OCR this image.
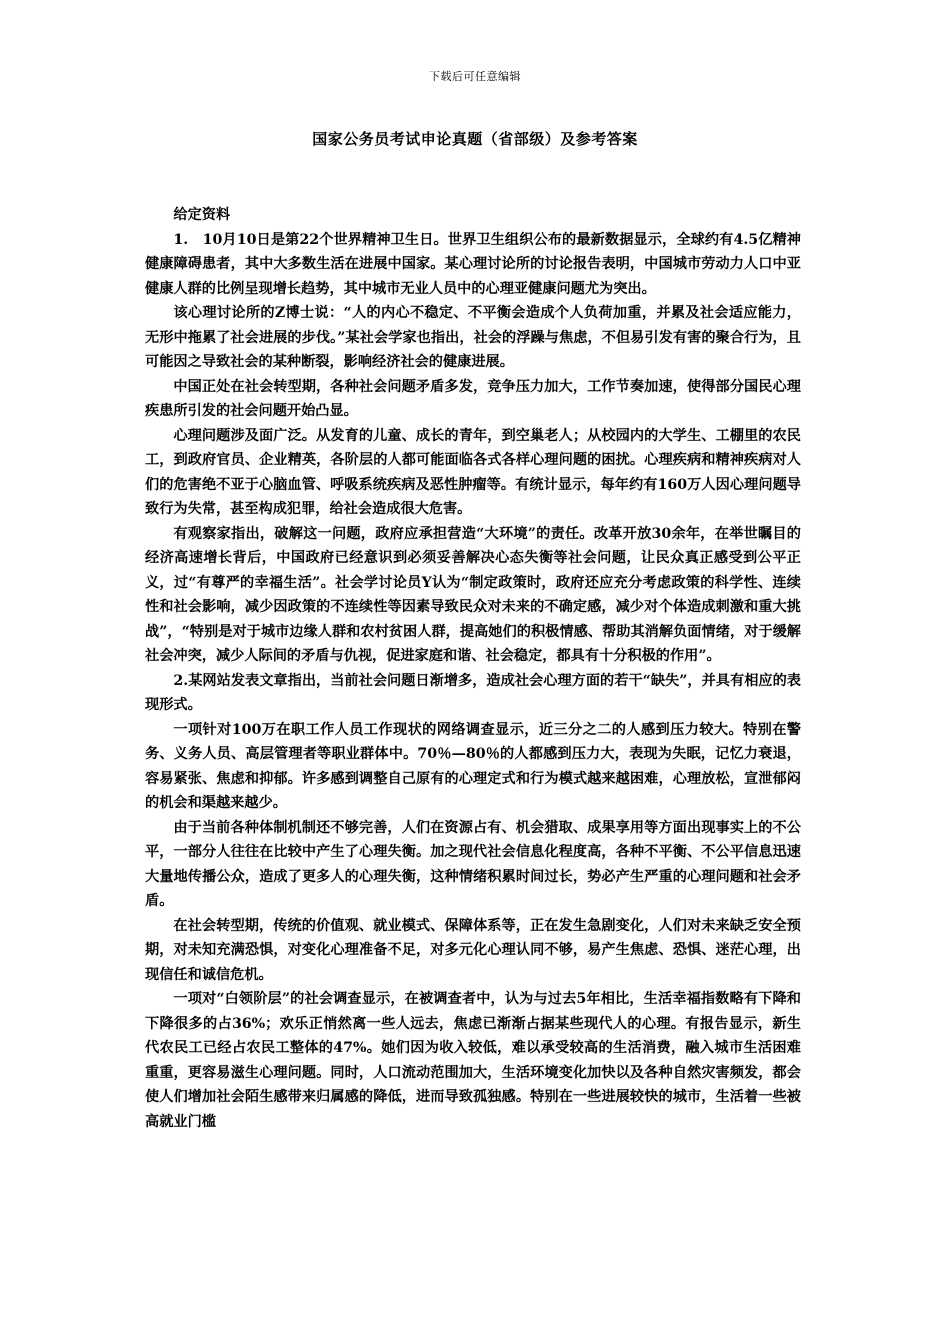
下载后可任意编辑
国家公务员考试申论真题（省部级）及参考答案

给定资料

1.　10月10日是第22个世界精神卫生日。世界卫生组织公布的最新数据显示，全球约有4.5亿精神健康障碍患者，其中大多数生活在进展中国家。某心理讨论所的讨论报告表明，中国城市劳动力人口中亚健康人群的比例呈现增长趋势，其中城市无业人员中的心理亚健康问题尤为突出。

该心理讨论所的Z博士说：“人的内心不稳定、不平衡会造成个人负荷加重，并累及社会适应能力，无形中拖累了社会进展的步伐。”某社会学家也指出，社会的浮躁与焦虑，不但易引发有害的聚合行为，且可能因之导致社会的某种断裂，影响经济社会的健康进展。

中国正处在社会转型期，各种社会问题矛盾多发，竞争压力加大，工作节奏加速，使得部分国民心理疾患所引发的社会问题开始凸显。

心理问题涉及面广泛。从发育的儿童、成长的青年，到空巢老人；从校园内的大学生、工棚里的农民工，到政府官员、企业精英，各阶层的人都可能面临各式各样心理问题的困扰。心理疾病和精神疾病对人们的危害绝不亚于心脑血管、呼吸系统疾病及恶性肿瘤等。有统计显示，每年约有160万人因心理问题导致行为失常，甚至构成犯罪，给社会造成很大危害。

有观察家指出，破解这一问题，政府应承担营造“大环境”的责任。改革开放30余年，在举世瞩目的经济高速增长背后，中国政府已经意识到必须妥善解决心态失衡等社会问题，让民众真正感受到公平正义，过“有尊严的幸福生活”。社会学讨论员Y认为“制定政策时，政府还应充分考虑政策的科学性、连续性和社会影响，减少因政策的不连续性等因素导致民众对未来的不确定感，减少对个体造成刺激和重大挑战”，“特别是对于城市边缘人群和农村贫困人群，提高她们的积极情感、帮助其消解负面情绪，对于缓解社会冲突，减少人际间的矛盾与仇视，促进家庭和谐、社会稳定，都具有十分积极的作用”。

2.某网站发表文章指出，当前社会问题日渐增多，造成社会心理方面的若干“缺失”，并具有相应的表现形式。

一项针对100万在职工作人员工作现状的网络调查显示，近三分之二的人感到压力较大。特别在警务、义务人员、高层管理者等职业群体中。70％—80％的人都感到压力大，表现为失眠，记忆力衰退，容易紧张、焦虑和抑郁。许多感到调整自己原有的心理定式和行为模式越来越困难，心理放松，宣泄郁闷的机会和渠越来越少。

由于当前各种体制机制还不够完善，人们在资源占有、机会猎取、成果享用等方面出现事实上的不公平，一部分人往往在比较中产生了心理失衡。加之现代社会信息化程度高，各种不平衡、不公平信息迅速大量地传播公众，造成了更多人的心理失衡，这种情绪积累时间过长，势必产生严重的心理问题和社会矛盾。

在社会转型期，传统的价值观、就业模式、保障体系等，正在发生急剧变化，人们对未来缺乏安全预期，对未知充满恐惧，对变化心理准备不足，对多元化心理认同不够，易产生焦虑、恐惧、迷茫心理，出现信任和诚信危机。

一项对“白领阶层”的社会调查显示，在被调查者中，认为与过去5年相比，生活幸福指数略有下降和下降很多的占36%；欢乐正悄然离一些人远去，焦虑已渐渐占据某些现代人的心理。有报告显示，新生代农民工已经占农民工整体的47%。她们因为收入较低，难以承受较高的生活消费，融入城市生活困难重重，更容易滋生心理问题。同时，人口流动范围加大，生活环境变化加快以及各种自然灾害频发，都会使人们增加社会陌生感带来归属感的降低，进而导致孤独感。特别在一些进展较快的城市，生活着一些被高就业门槛
